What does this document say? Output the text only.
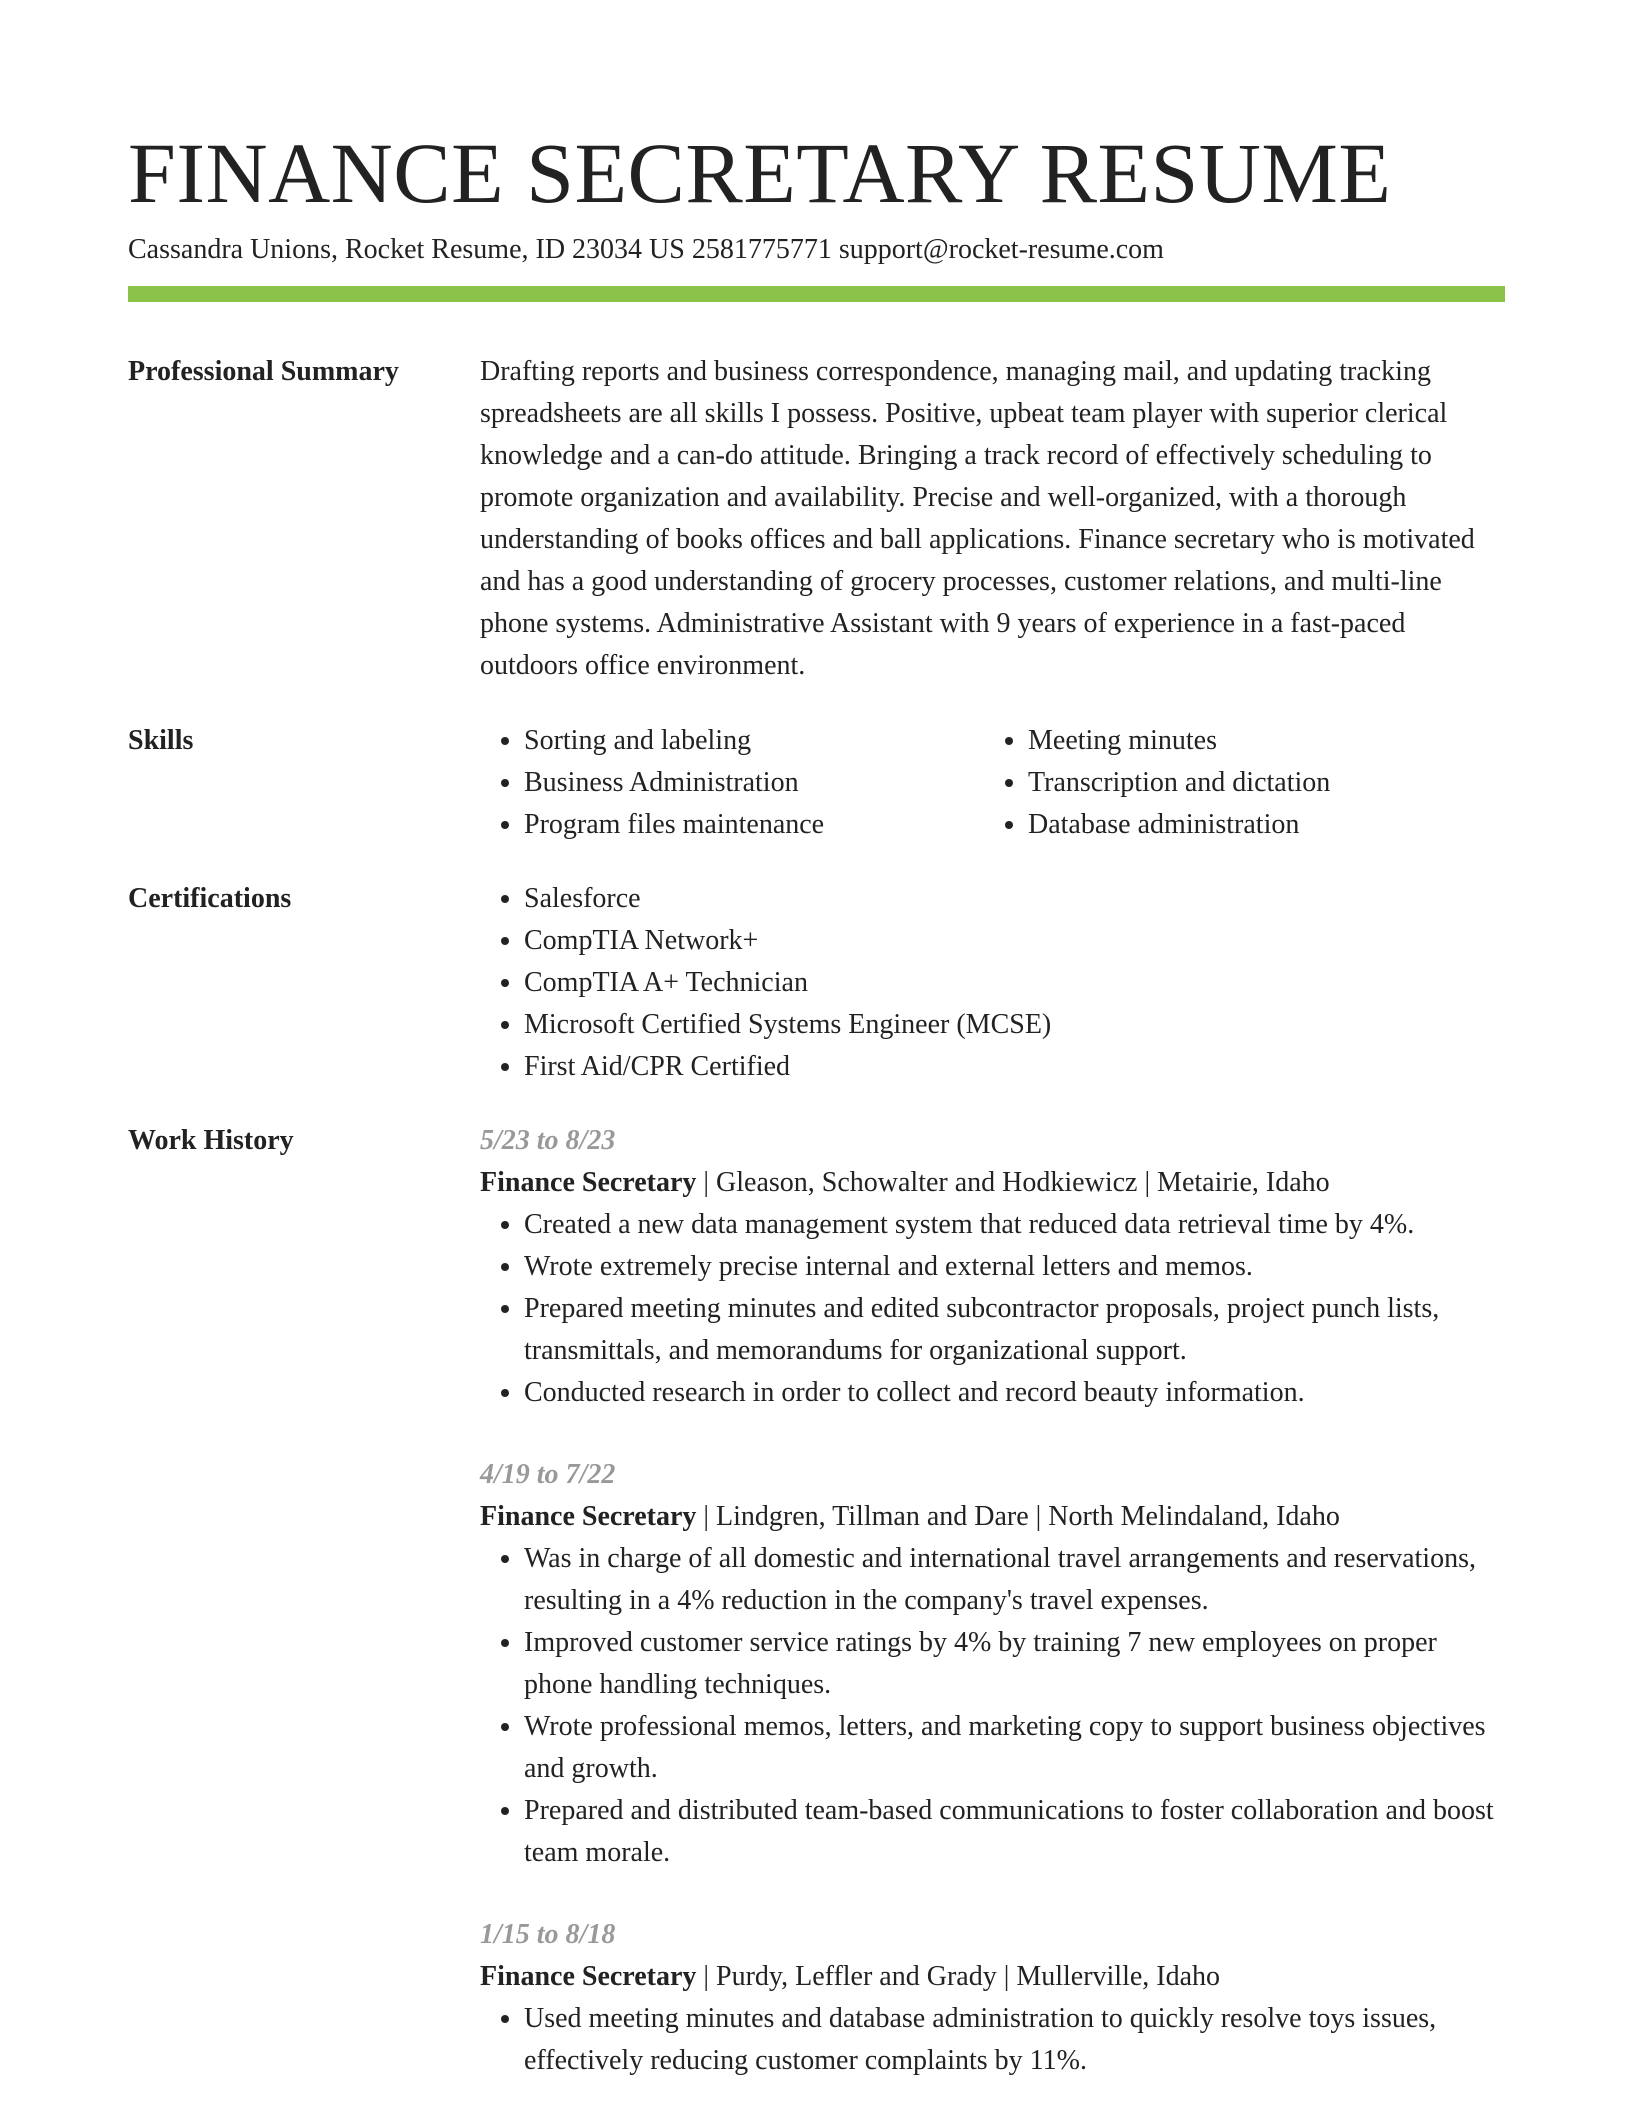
FINANCE SECRETARY RESUME

Cassandra Unions, Rocket Resume, ID 23034 US 2581775771 support@rocket-resume.com

Professional Summary	Drafting reports and business correspondence, managing mail, and updating tracking spreadsheets are all skills I possess. Positive, upbeat team player with superior clerical knowledge and a can-do attitude. Bringing a track record of effectively scheduling to promote organization and availability. Precise and well-organized, with a thorough understanding of books offices and ball applications. Finance secretary who is motivated and has a good understanding of grocery processes, customer relations, and multi-line phone systems. Administrative Assistant with 9 years of experience in a fast-paced outdoors office environment.

Skills	• Sorting and labeling
• Business Administration
• Program files maintenance
• Meeting minutes
• Transcription and dictation
• Database administration
Certifications	• Salesforce
• CompTIA Network+
• CompTIA A+ Technician
• Microsoft Certified Systems Engineer (MCSE)
• First Aid/CPR Certified
Work History	5/23 to 8/23

Finance Secretary | Gleason, Schowalter and Hodkiewicz | Metairie, Idaho

• Created a new data management system that reduced data retrieval time by 4%.
• Wrote extremely precise internal and external letters and memos.
• Prepared meeting minutes and edited subcontractor proposals, project punch lists, transmittals, and memorandums for organizational support.
• Conducted research in order to collect and record beauty information.

4/19 to 7/22

Finance Secretary | Lindgren, Tillman and Dare | North Melindaland, Idaho

• Was in charge of all domestic and international travel arrangements and reservations, resulting in a 4% reduction in the company's travel expenses.
• Improved customer service ratings by 4% by training 7 new employees on proper phone handling techniques.
• Wrote professional memos, letters, and marketing copy to support business objectives and growth.
• Prepared and distributed team-based communications to foster collaboration and boost team morale.

1/15 to 8/18

Finance Secretary | Purdy, Leffler and Grady | Mullerville, Idaho

• Used meeting minutes and database administration to quickly resolve toys issues, effectively reducing customer complaints by 11%.
